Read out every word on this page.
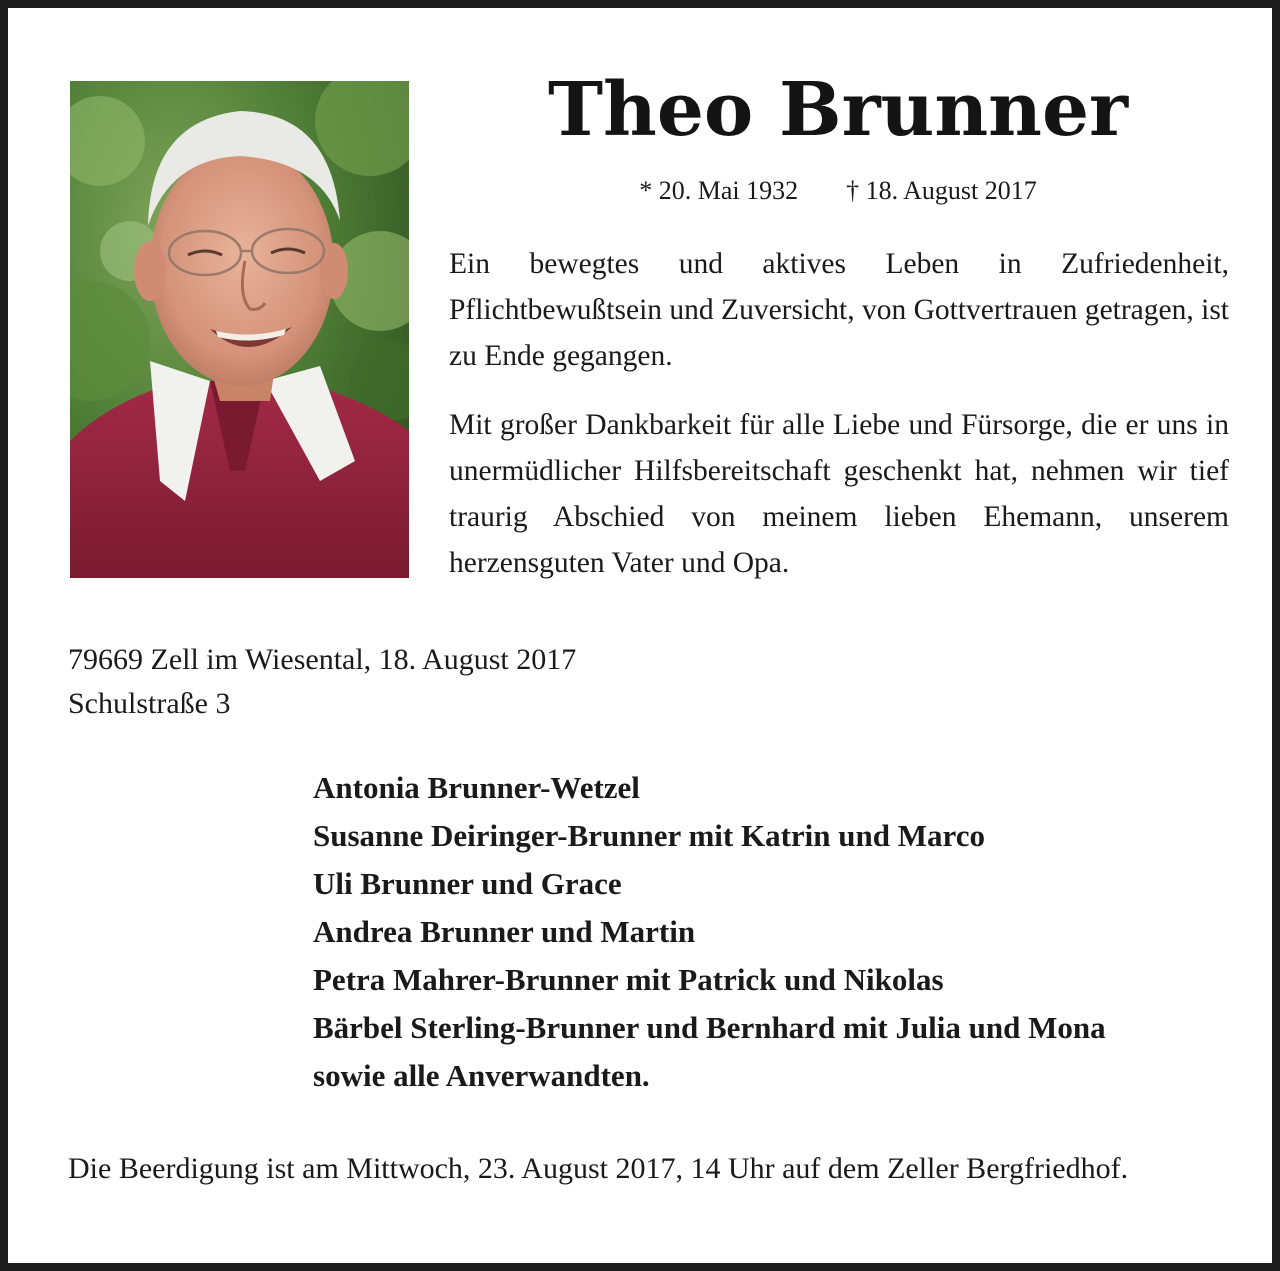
Theo Brunner
* 20. Mai 1932 † 18. August 2017

Ein bewegtes und aktives Leben in Zufriedenheit, Pflichtbewußtsein und Zuversicht, von Gottvertrauen getragen, ist zu Ende gegangen.

Mit großer Dankbarkeit für alle Liebe und Fürsorge, die er uns in unermüdlicher Hilfsbereitschaft geschenkt hat, nehmen wir tief traurig Abschied von meinem lieben Ehemann, unserem herzensguten Vater und Opa.

79669 Zell im Wiesental, 18. August 2017
Schulstraße 3
Antonia Brunner-Wetzel
Susanne Deiringer-Brunner mit Katrin und Marco
Uli Brunner und Grace
Andrea Brunner und Martin
Petra Mahrer-Brunner mit Patrick und Nikolas
Bärbel Sterling-Brunner und Bernhard mit Julia und Mona
sowie alle Anverwandten.

Die Beerdigung ist am Mittwoch, 23. August 2017, 14 Uhr auf dem Zeller Bergfriedhof.
